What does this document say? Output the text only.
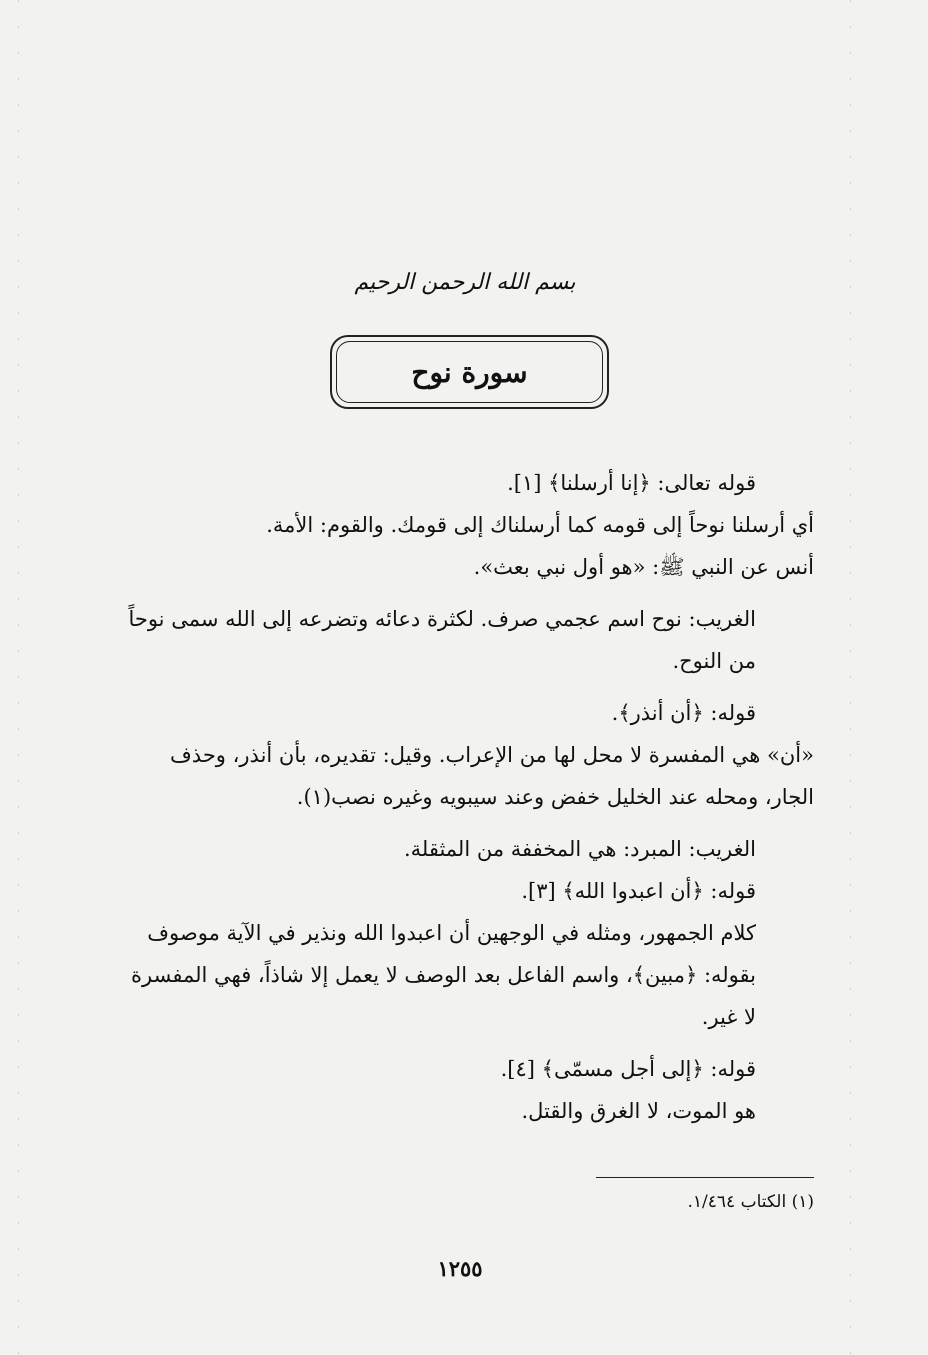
بسم الله الرحمن الرحيم
سورة نوح

قوله تعالى: ﴿إنا أرسلنا﴾ [١].

أي أرسلنا نوحاً إلى قومه كما أرسلناك إلى قومك. والقوم: الأمة.

أنس عن النبي ﷺ: «هو أول نبي بعث».

الغريب: نوح اسم عجمي صرف. لكثرة دعائه وتضرعه إلى الله سمى نوحاً من النوح.

قوله: ﴿أن أنذر﴾.

«أن» هي المفسرة لا محل لها من الإعراب. وقيل: تقديره، بأن أنذر، وحذف الجار، ومحله عند الخليل خفض وعند سيبويه وغيره نصب(١).

الغريب: المبرد: هي المخففة من المثقلة.

قوله: ﴿أن اعبدوا الله﴾ [٣].

كلام الجمهور، ومثله في الوجهين أن اعبدوا الله ونذير في الآية موصوف بقوله: ﴿مبين﴾، واسم الفاعل بعد الوصف لا يعمل إلا شاذاً، فهي المفسرة لا غير.

قوله: ﴿إلى أجل مسمّى﴾ [٤].

هو الموت، لا الغرق والقتل.

(١) الكتاب ١/٤٦٤.
١٢٥٥
